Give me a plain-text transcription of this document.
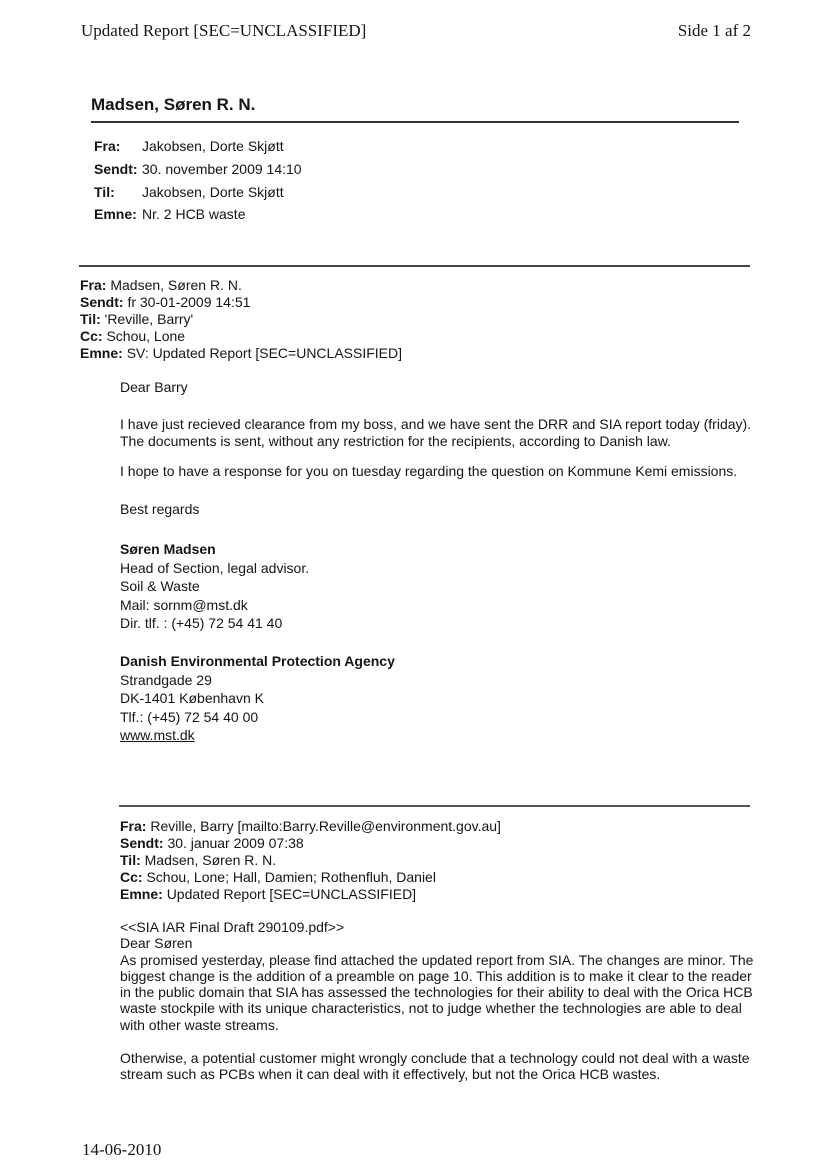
Updated Report [SEC=UNCLASSIFIED]	Side 1 af 2
Madsen, Søren R. N.
Fra:	Jakobsen, Dorte Skjøtt
Sendt: 30. november 2009 14:10
Til:	Jakobsen, Dorte Skjøtt
Emne: Nr. 2 HCB waste
Fra: Madsen, Søren R. N.
Sendt: fr 30-01-2009 14:51
Til: 'Reville, Barry'
Cc: Schou, Lone
Emne: SV: Updated Report [SEC=UNCLASSIFIED]
Dear Barry
I have just recieved clearance from my boss, and we have sent the DRR and SIA report today (friday). The documents is sent, without any restriction for the recipients, according to Danish law.
I hope to have a response for you on tuesday regarding the question on Kommune Kemi emissions.
Best regards
Søren Madsen
Head of Section, legal advisor.
Soil & Waste
Mail: sornm@mst.dk
Dir. tlf. : (+45) 72 54 41 40
Danish Environmental Protection Agency
Strandgade 29
DK-1401 København K
Tlf.: (+45) 72 54 40 00
www.mst.dk
Fra: Reville, Barry [mailto:Barry.Reville@environment.gov.au]
Sendt: 30. januar 2009 07:38
Til: Madsen, Søren R. N.
Cc: Schou, Lone; Hall, Damien; Rothenfluh, Daniel
Emne: Updated Report [SEC=UNCLASSIFIED]

<<SIA IAR Final Draft 290109.pdf>>

Dear Søren

As promised yesterday, please find attached the updated report from SIA. The changes are minor. The biggest change is the addition of a preamble on page 10. This addition is to make it clear to the reader in the public domain that SIA has assessed the technologies for their ability to deal with the Orica HCB waste stockpile with its unique characteristics, not to judge whether the technologies are able to deal with other waste streams.

Otherwise, a potential customer might wrongly conclude that a technology could not deal with a waste stream such as PCBs when it can deal with it effectively, but not the Orica HCB wastes.

14-06-2010
